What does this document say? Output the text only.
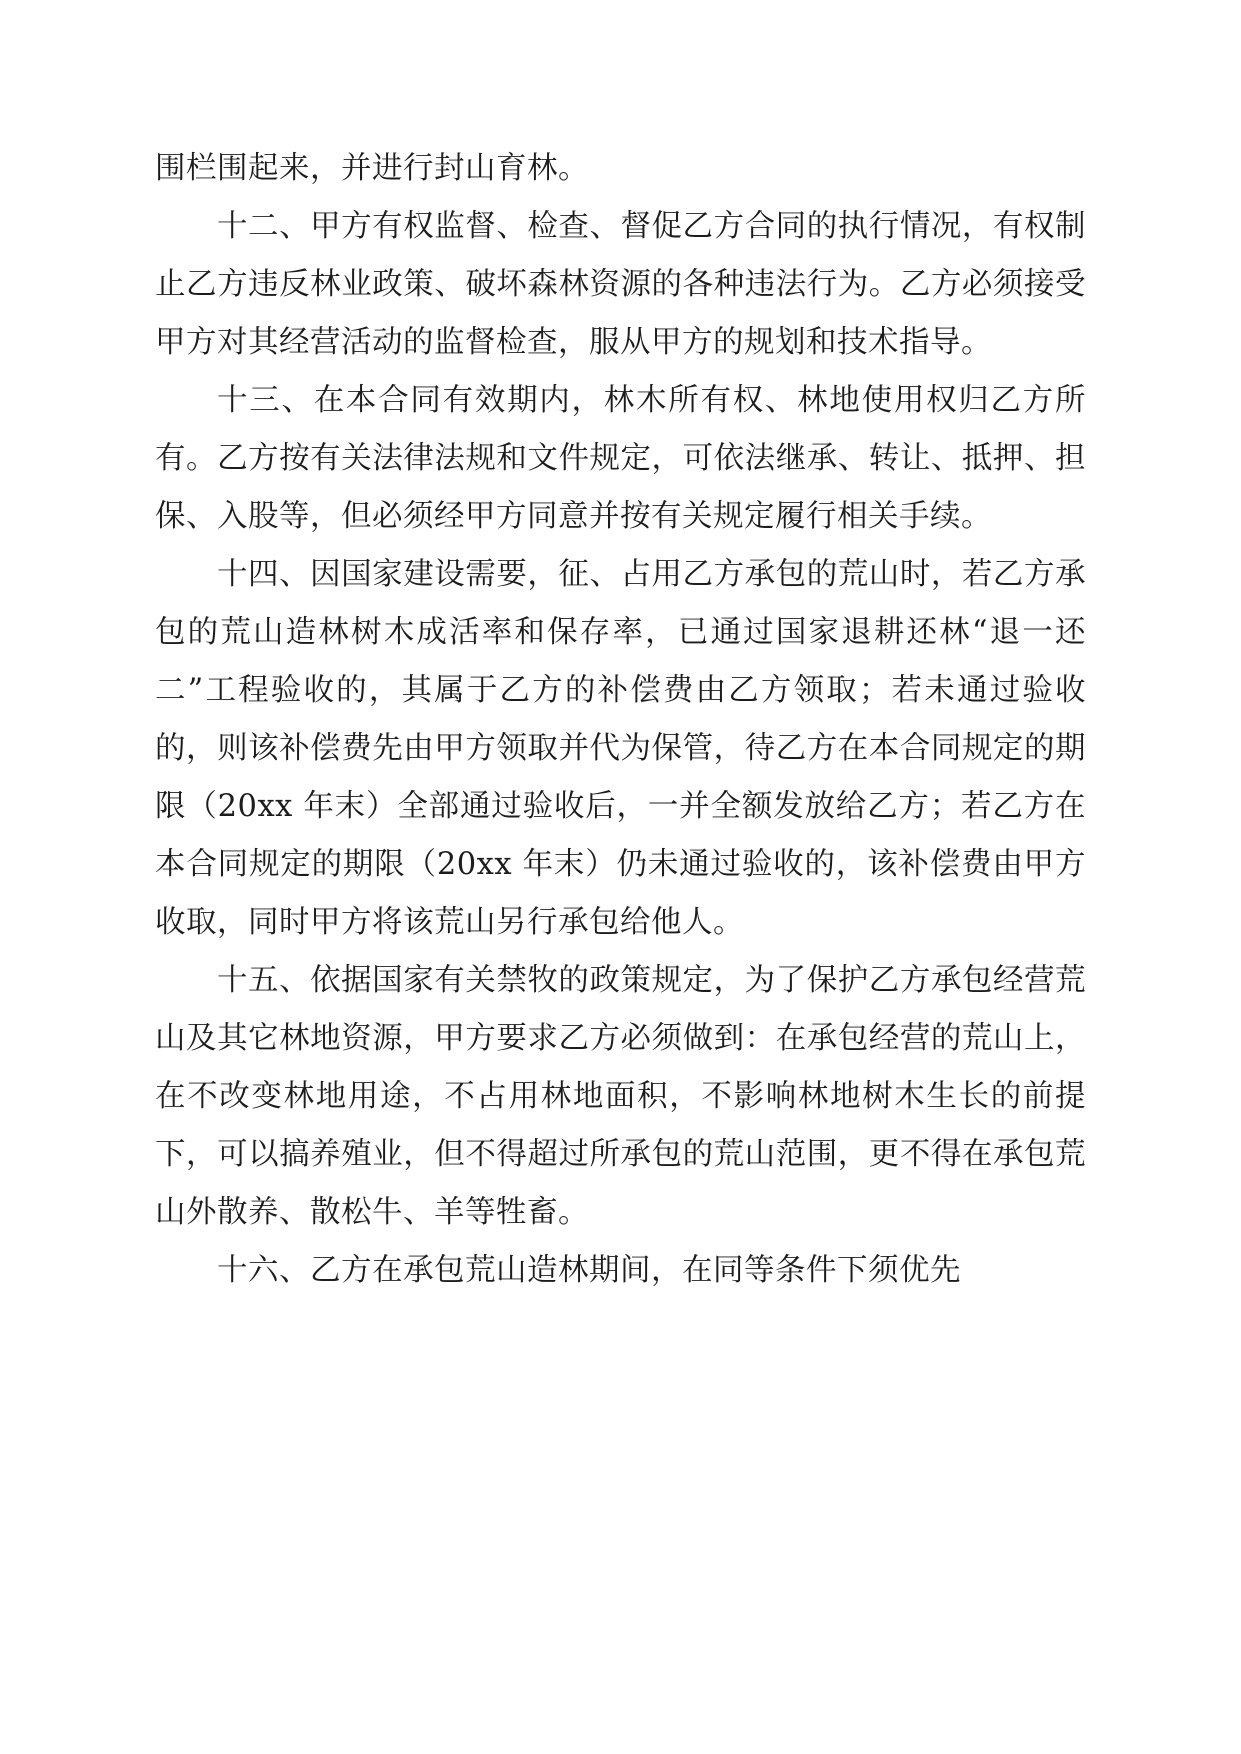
围栏围起来，并进行封山育林。

十二、甲方有权监督、检查、督促乙方合同的执行情况，有权制止乙方违反林业政策、破坏森林资源的各种违法行为。乙方必须接受甲方对其经营活动的监督检查，服从甲方的规划和技术指导。

十三、在本合同有效期内，林木所有权、林地使用权归乙方所有。乙方按有关法律法规和文件规定，可依法继承、转让、抵押、担保、入股等，但必须经甲方同意并按有关规定履行相关手续。

十四、因国家建设需要，征、占用乙方承包的荒山时，若乙方承包的荒山造林树木成活率和保存率，已通过国家退耕还林“退一还二”工程验收的，其属于乙方的补偿费由乙方领取；若未通过验收的，则该补偿费先由甲方领取并代为保管，待乙方在本合同规定的期限（20xx 年末）全部通过验收后，一并全额发放给乙方；若乙方在本合同规定的期限（20xx 年末）仍未通过验收的，该补偿费由甲方收取，同时甲方将该荒山另行承包给他人。

十五、依据国家有关禁牧的政策规定，为了保护乙方承包经营荒山及其它林地资源，甲方要求乙方必须做到：在承包经营的荒山上，在不改变林地用途，不占用林地面积，不影响林地树木生长的前提下，可以搞养殖业，但不得超过所承包的荒山范围，更不得在承包荒山外散养、散松牛、羊等牲畜。

十六、乙方在承包荒山造林期间，在同等条件下须优先
